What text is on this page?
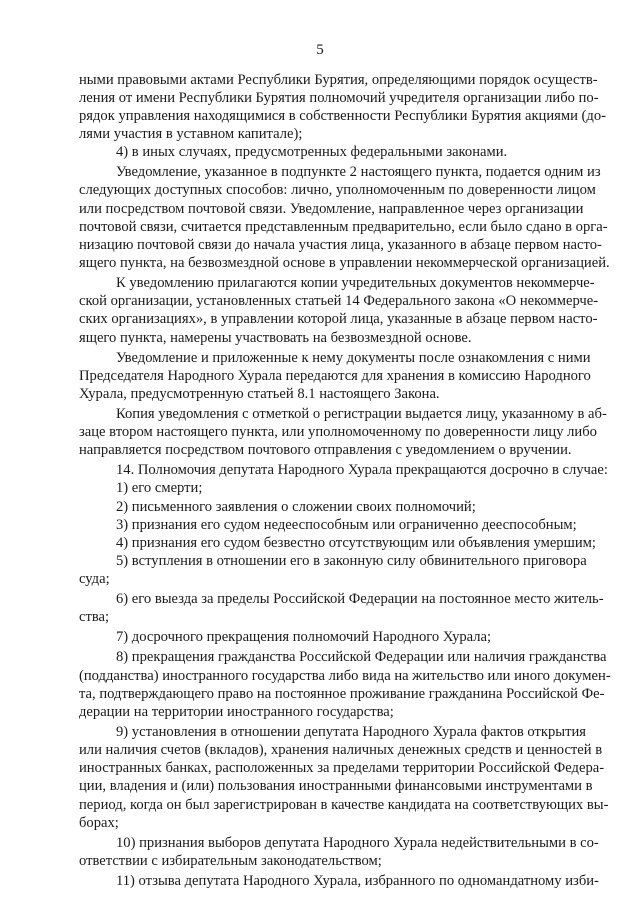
5
ными правовыми актами Республики Бурятия, определяющими порядок осуществ-
ления от имени Республики Бурятия полномочий учредителя организации либо по-
рядок управления находящимися в собственности Республики Бурятия акциями (до-
лями участия в уставном капитале);
4) в иных случаях, предусмотренных федеральными законами.
Уведомление, указанное в подпункте 2 настоящего пункта, подается одним из
следующих доступных способов: лично, уполномоченным по доверенности лицом
или посредством почтовой связи. Уведомление, направленное через организации
почтовой связи, считается представленным предварительно, если было сдано в орга-
низацию почтовой связи до начала участия лица, указанного в абзаце первом насто-
ящего пункта, на безвозмездной основе в управлении некоммерческой организацией.
К уведомлению прилагаются копии учредительных документов некоммерче-
ской организации, установленных статьей 14 Федерального закона «О некоммерче-
ских организациях», в управлении которой лица, указанные в абзаце первом насто-
ящего пункта, намерены участвовать на безвозмездной основе.
Уведомление и приложенные к нему документы после ознакомления с ними
Председателя Народного Хурала передаются для хранения в комиссию Народного
Хурала, предусмотренную статьей 8.1 настоящего Закона.
Копия уведомления с отметкой о регистрации выдается лицу, указанному в аб-
заце втором настоящего пункта, или уполномоченному по доверенности лицу либо
направляется посредством почтового отправления с уведомлением о вручении.
14. Полномочия депутата Народного Хурала прекращаются досрочно в случае:
1) его смерти;
2) письменного заявления о сложении своих полномочий;
3) признания его судом недееспособным или ограниченно дееспособным;
4) признания его судом безвестно отсутствующим или объявления умершим;
5) вступления в отношении его в законную силу обвинительного приговора
суда;
6) его выезда за пределы Российской Федерации на постоянное место житель-
ства;
7) досрочного прекращения полномочий Народного Хурала;
8) прекращения гражданства Российской Федерации или наличия гражданства
(подданства) иностранного государства либо вида на жительство или иного докумен-
та, подтверждающего право на постоянное проживание гражданина Российской Фе-
дерации на территории иностранного государства;
9) установления в отношении депутата Народного Хурала фактов открытия
или наличия счетов (вкладов), хранения наличных денежных средств и ценностей в
иностранных банках, расположенных за пределами территории Российской Федера-
ции, владения и (или) пользования иностранными финансовыми инструментами в
период, когда он был зарегистрирован в качестве кандидата на соответствующих вы-
борах;
10) признания выборов депутата Народного Хурала недействительными в со-
ответствии с избирательным законодательством;
11) отзыва депутата Народного Хурала, избранного по одномандатному изби-
